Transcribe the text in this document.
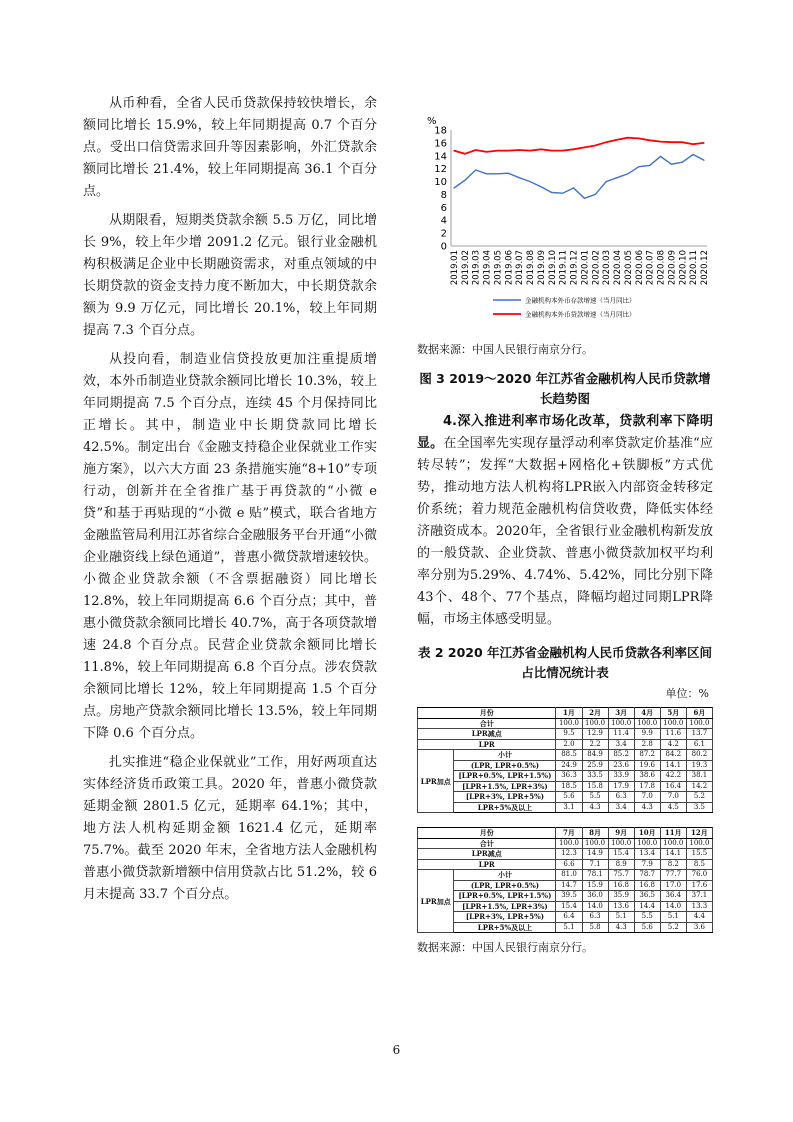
从币种看，全省人民币贷款保持较快增长，余额同比增长 15.9%，较上年同期提高 0.7 个百分点。受出口信贷需求回升等因素影响，外汇贷款余额同比增长 21.4%，较上年同期提高 36.1 个百分点。

从期限看，短期类贷款余额 5.5 万亿，同比增长 9%，较上年少增 2091.2 亿元。银行业金融机构积极满足企业中长期融资需求，对重点领域的中长期贷款的资金支持力度不断加大，中长期贷款余额为 9.9 万亿元，同比增长 20.1%，较上年同期提高 7.3 个百分点。

从投向看，制造业信贷投放更加注重提质增效，本外币制造业贷款余额同比增长 10.3%，较上年同期提高 7.5 个百分点，连续 45 个月保持同比正增长。其中，制造业中长期贷款同比增长 42.5%。制定出台《金融支持稳企业保就业工作实施方案》，以六大方面 23 条措施实施“8+10”专项行动，创新并在全省推广基于再贷款的“小微 e 贷”和基于再贴现的“小微 e 贴”模式，联合省地方金融监管局利用江苏省综合金融服务平台开通“小微企业融资线上绿色通道”，普惠小微贷款增速较快。小微企业贷款余额（不含票据融资）同比增长 12.8%，较上年同期提高 6.6 个百分点；其中，普惠小微贷款余额同比增长 40.7%，高于各项贷款增速 24.8 个百分点。民营企业贷款余额同比增长 11.8%，较上年同期提高 6.8 个百分点。涉农贷款余额同比增长 12%，较上年同期提高 1.5 个百分点。房地产贷款余额同比增长 13.5%，较上年同期下降 0.6 个百分点。

扎实推进“稳企业保就业”工作，用好两项直达实体经济货币政策工具。2020 年，普惠小微贷款延期金额 2801.5 亿元，延期率 64.1%；其中，地方法人机构延期金额 1621.4 亿元，延期率 75.7%。截至 2020 年末，全省地方法人金融机构普惠小微贷款新增额中信用贷款占比 51.2%，较 6 月末提高 33.7 个百分点。

%
0
2
4
6
8
10
12
14
16
18
2019.01 2019.02 2019.03 2019.04 2019.05 2019.06 2019.07 2019.08 2019.09 2019.10 2019.11 2019.12 2020.01 2020.02 2020.03 2020.04 2020.05 2020.06 2020.07 2020.08 2020.09 2020.10 2020.11 2020.12
金融机构本外币存款增速（当月同比）
金融机构本外币贷款增速（当月同比）
数据来源：中国人民银行南京分行。
图 3 2019～2020 年江苏省金融机构人民币贷款增长趋势图
4.深入推进利率市场化改革，贷款利率下降明显。在全国率先实现存量浮动利率贷款定价基准“应转尽转”；发挥“大数据+网格化+铁脚板”方式优势，推动地方法人机构将LPR嵌入内部资金转移定价系统；着力规范金融机构信贷收费，降低实体经济融资成本。2020年，全省银行业金融机构新发放的一般贷款、企业贷款、普惠小微贷款加权平均利率分别为5.29%、4.74%、5.42%，同比分别下降43个、48个、77个基点，降幅均超过同期LPR降幅，市场主体感受明显。
表 2 2020 年江苏省金融机构人民币贷款各利率区间占比情况统计表
单位：%
月份		1月	2月	3月	4月	5月	6月
合计		100.0	100.0	100.0	100.0	100.0	100.0
LPR减点		9.5	12.9	11.4	9.9	11.6	13.7
LPR		2.0	2.2	3.4	2.8	4.2	6.1
LPR加点	小计	88.5	84.9	85.2	87.2	84.2	80.2
	(LPR, LPR+0.5%)	24.9	25.9	23.6	19.6	14.1	19.3
	[LPR+0.5%, LPR+1.5%)	36.3	33.5	33.9	38.6	42.2	38.1
	[LPR+1.5%, LPR+3%)	18.5	15.8	17.9	17.8	16.4	14.2
	[LPR+3%, LPR+5%)	5.6	5.5	6.3	7.0	7.0	5.2
	LPR+5%及以上	3.1	4.3	3.4	4.3	4.5	3.5
月份		7月	8月	9月	10月	11月	12月
合计		100.0	100.0	100.0	100.0	100.0	100.0
LPR减点		12.3	14.9	15.4	13.4	14.1	15.5
LPR		6.6	7.1	8.9	7.9	8.2	8.5
LPR加点	小计	81.0	78.1	75.7	78.7	77.7	76.0
	(LPR, LPR+0.5%)	14.7	15.9	16.8	16.8	17.0	17.6
	[LPR+0.5%, LPR+1.5%)	39.5	36.0	35.9	36.5	36.4	37.1
	[LPR+1.5%, LPR+3%)	15.4	14.0	13.6	14.4	14.0	13.3
	[LPR+3%, LPR+5%)	6.4	6.3	5.1	5.5	5.1	4.4
	LPR+5%及以上	5.1	5.8	4.3	5.6	5.2	3.6
数据来源：中国人民银行南京分行。
6
